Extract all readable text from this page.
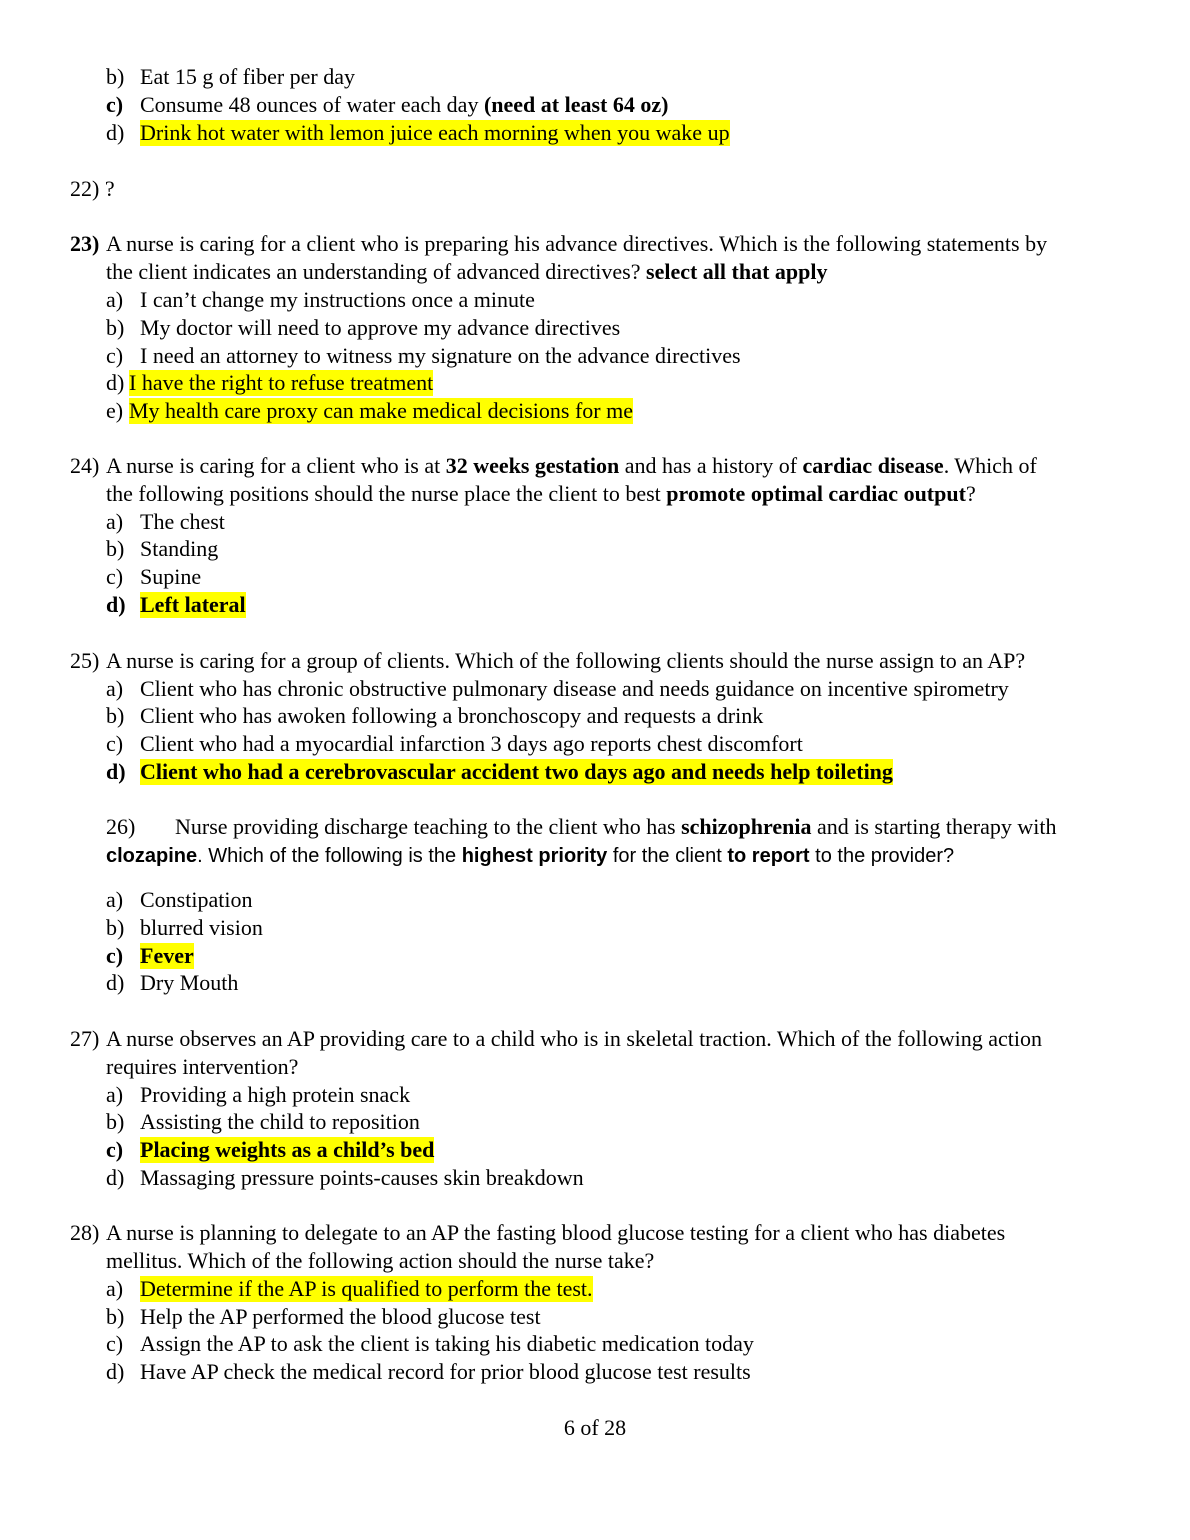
b) Eat 15 g of fiber per day
c) Consume 48 ounces of water each day (need at least 64 oz)
d) Drink hot water with lemon juice each morning when you wake up
22) ?
23) A nurse is caring for a client who is preparing his advance directives. Which is the following statements by
the client indicates an understanding of advanced directives? select all that apply
a) I can’t change my instructions once a minute
b) My doctor will need to approve my advance directives
c) I need an attorney to witness my signature on the advance directives
d) I have the right to refuse treatment
e) My health care proxy can make medical decisions for me
24) A nurse is caring for a client who is at 32 weeks gestation and has a history of cardiac disease. Which of
the following positions should the nurse place the client to best promote optimal cardiac output?
a) The chest
b) Standing
c) Supine
d) Left lateral
25) A nurse is caring for a group of clients. Which of the following clients should the nurse assign to an AP?
a) Client who has chronic obstructive pulmonary disease and needs guidance on incentive spirometry
b) Client who has awoken following a bronchoscopy and requests a drink
c) Client who had a myocardial infarction 3 days ago reports chest discomfort
d) Client who had a cerebrovascular accident two days ago and needs help toileting
26) Nurse providing discharge teaching to the client who has schizophrenia and is starting therapy with
clozapine. Which of the following is the highest priority for the client to report to the provider?
a) Constipation
b) blurred vision
c) Fever
d) Dry Mouth
27) A nurse observes an AP providing care to a child who is in skeletal traction. Which of the following action
requires intervention?
a) Providing a high protein snack
b) Assisting the child to reposition
c) Placing weights as a child’s bed
d) Massaging pressure points-causes skin breakdown
28) A nurse is planning to delegate to an AP the fasting blood glucose testing for a client who has diabetes
mellitus. Which of the following action should the nurse take?
a) Determine if the AP is qualified to perform the test.
b) Help the AP performed the blood glucose test
c) Assign the AP to ask the client is taking his diabetic medication today
d) Have AP check the medical record for prior blood glucose test results
6 of 28
